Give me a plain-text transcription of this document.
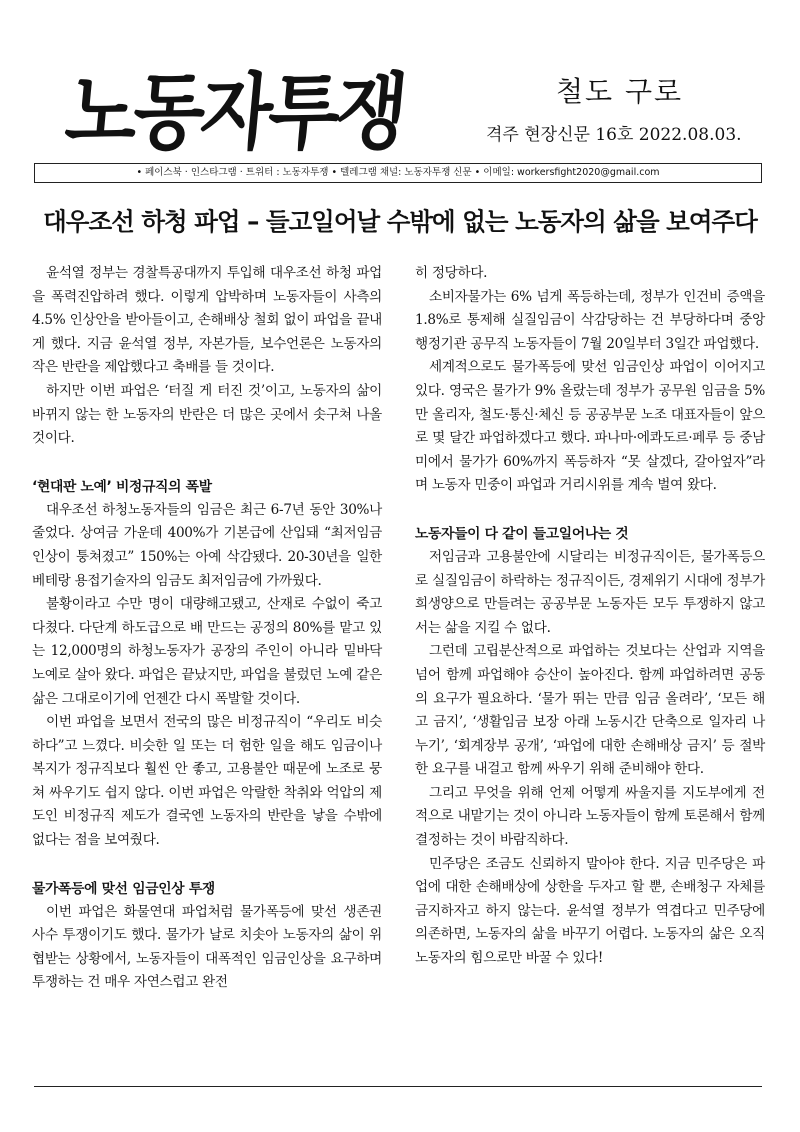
노동자투쟁	철도 구로
격주 현장신문 16호 2022.08.03.
• 페이스북 · 인스타그램 · 트위터 : 노동자투쟁 • 텔레그램 채널: 노동자투쟁 신문 • 이메일: workersfight2020@gmail.com
대우조선 하청 파업 – 들고일어날 수밖에 없는 노동자의 삶을 보여주다

윤석열 정부는 경찰특공대까지 투입해 대우조선 하청 파업을 폭력진압하려 했다. 이렇게 압박하며 노동자들이 사측의 4.5% 인상안을 받아들이고, 손해배상 철회 없이 파업을 끝내게 했다. 지금 윤석열 정부, 자본가들, 보수언론은 노동자의 작은 반란을 제압했다고 축배를 들 것이다.

하지만 이번 파업은 ‘터질 게 터진 것’이고, 노동자의 삶이 바뀌지 않는 한 노동자의 반란은 더 많은 곳에서 솟구쳐 나올 것이다.

‘현대판 노예’ 비정규직의 폭발

대우조선 하청노동자들의 임금은 최근 6-7년 동안 30%나 줄었다. 상여금 가운데 400%가 기본급에 산입돼 “최저임금 인상이 퉁쳐졌고” 150%는 아예 삭감됐다. 20-30년을 일한 베테랑 용접기술자의 임금도 최저임금에 가까웠다.

불황이라고 수만 명이 대량해고됐고, 산재로 수없이 죽고 다쳤다. 다단계 하도급으로 배 만드는 공정의 80%를 맡고 있는 12,000명의 하청노동자가 공장의 주인이 아니라 밑바닥 노예로 살아 왔다. 파업은 끝났지만, 파업을 불렀던 노예 같은 삶은 그대로이기에 언젠간 다시 폭발할 것이다.

이번 파업을 보면서 전국의 많은 비정규직이 “우리도 비슷하다”고 느꼈다. 비슷한 일 또는 더 험한 일을 해도 임금이나 복지가 정규직보다 훨씬 안 좋고, 고용불안 때문에 노조로 뭉쳐 싸우기도 쉽지 않다. 이번 파업은 악랄한 착취와 억압의 제도인 비정규직 제도가 결국엔 노동자의 반란을 낳을 수밖에 없다는 점을 보여줬다.

물가폭등에 맞선 임금인상 투쟁

이번 파업은 화물연대 파업처럼 물가폭등에 맞선 생존권 사수 투쟁이기도 했다. 물가가 날로 치솟아 노동자의 삶이 위협받는 상황에서, 노동자들이 대폭적인 임금인상을 요구하며 투쟁하는 건 매우 자연스럽고 완전

히 정당하다.

소비자물가는 6% 넘게 폭등하는데, 정부가 인건비 증액을 1.8%로 통제해 실질임금이 삭감당하는 건 부당하다며 중앙행정기관 공무직 노동자들이 7월 20일부터 3일간 파업했다.

세계적으로도 물가폭등에 맞선 임금인상 파업이 이어지고 있다. 영국은 물가가 9% 올랐는데 정부가 공무원 임금을 5%만 올리자, 철도·통신·체신 등 공공부문 노조 대표자들이 앞으로 몇 달간 파업하겠다고 했다. 파나마·에콰도르·페루 등 중남미에서 물가가 60%까지 폭등하자 “못 살겠다, 갈아엎자”라며 노동자 민중이 파업과 거리시위를 계속 벌여 왔다.

노동자들이 다 같이 들고일어나는 것

저임금과 고용불안에 시달리는 비정규직이든, 물가폭등으로 실질임금이 하락하는 정규직이든, 경제위기 시대에 정부가 희생양으로 만들려는 공공부문 노동자든 모두 투쟁하지 않고서는 삶을 지킬 수 없다.

그런데 고립분산적으로 파업하는 것보다는 산업과 지역을 넘어 함께 파업해야 승산이 높아진다. 함께 파업하려면 공동의 요구가 필요하다. ‘물가 뛰는 만큼 임금 올려라’, ‘모든 해고 금지’, ‘생활임금 보장 아래 노동시간 단축으로 일자리 나누기’, ‘회계장부 공개’, ‘파업에 대한 손해배상 금지’ 등 절박한 요구를 내걸고 함께 싸우기 위해 준비해야 한다.

그리고 무엇을 위해 언제 어떻게 싸울지를 지도부에게 전적으로 내맡기는 것이 아니라 노동자들이 함께 토론해서 함께 결정하는 것이 바람직하다.

민주당은 조금도 신뢰하지 말아야 한다. 지금 민주당은 파업에 대한 손해배상에 상한을 두자고 할 뿐, 손배청구 자체를 금지하자고 하지 않는다. 윤석열 정부가 역겹다고 민주당에 의존하면, 노동자의 삶을 바꾸기 어렵다. 노동자의 삶은 오직 노동자의 힘으로만 바꿀 수 있다!
